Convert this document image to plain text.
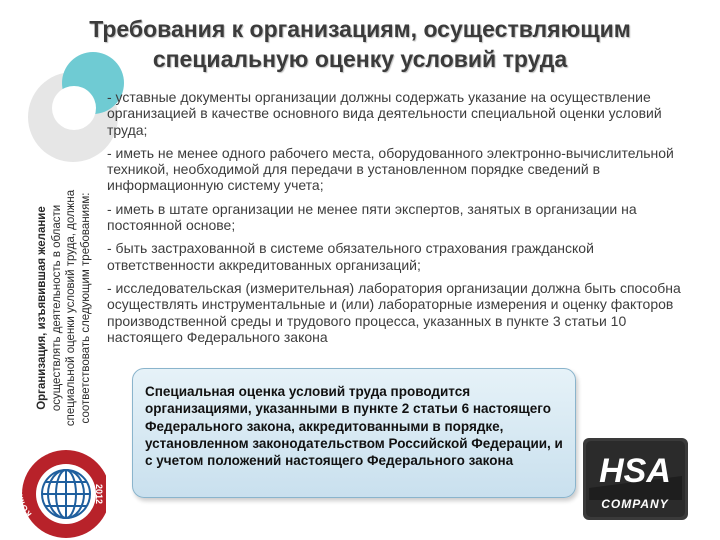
Требования к организациям, осуществляющим
специальную оценку условий труда
Организация, изъявившая желание осуществлять деятельность в области специальной оценки условий труда, должна соответствовать следующим требованиям:
- уставные документы организации должны содержать указание на осуществление организацией в качестве основного вида деятельности специальной оценки условий труда;
- иметь не менее одного рабочего места, оборудованного электронно-вычислительной техникой, необходимой для передачи в установленном порядке сведений в информационную систему учета;
- иметь в штате организации не менее пяти экспертов, занятых в организации на постоянной основе;
- быть застрахованной в системе обязательного страхования гражданской ответственности аккредитованных организаций;
- исследовательская (измерительная) лаборатория организации должна быть способна осуществлять инструментальные и (или) лабораторные измерения и оценку факторов производственной среды и трудового процесса, указанных в пункте 3 статьи 10 настоящего Федерального закона
Специальная оценка условий труда проводится организациями, указанными в пункте 2 статьи 6 настоящего Федерального закона, аккредитованными в порядке, установленном законодательством Российской Федерации, и с учетом положений настоящего Федерального закона
КОМПАНИЯ ГОДА
2012
HSA
COMPANY
